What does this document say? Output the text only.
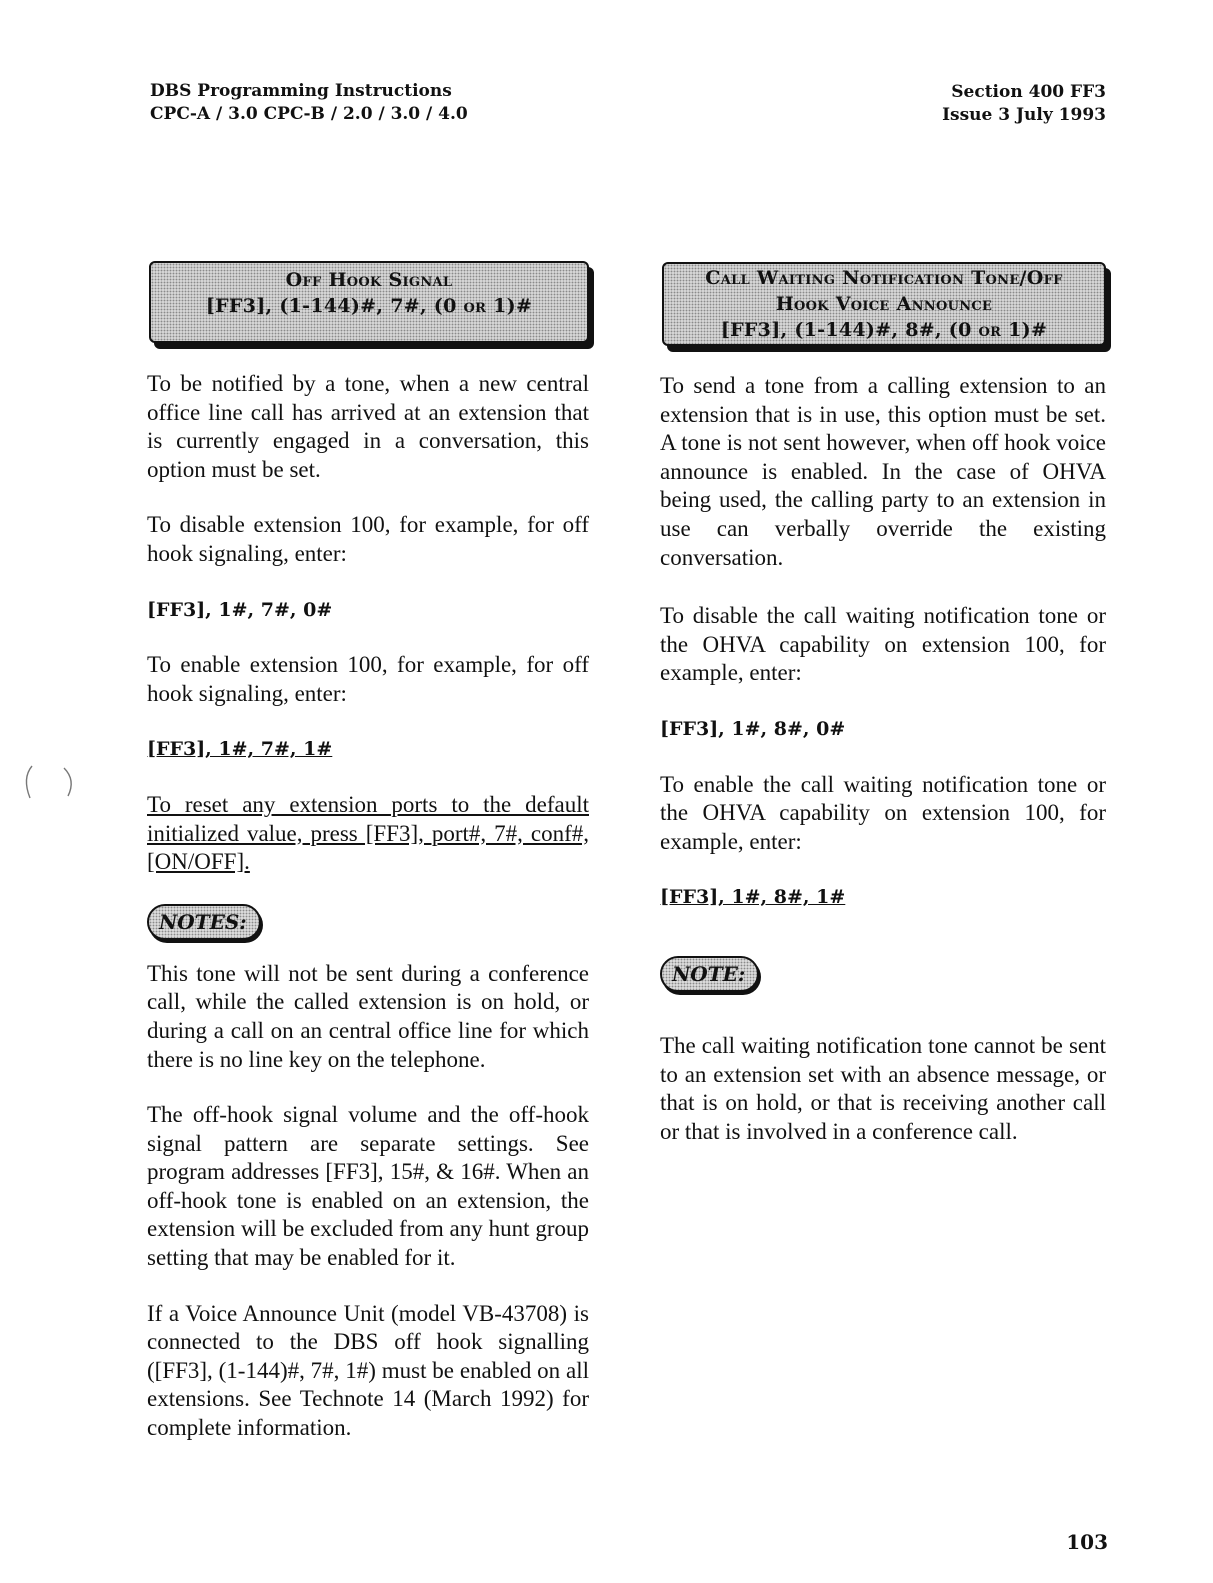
DBS Programming Instructions
CPC-A / 3.0 CPC-B / 2.0 / 3.0 / 4.0
Section 400 FF3
Issue 3 July 1993
Off Hook Signal
[FF3], (1-144)#, 7#, (0 or 1)#
Call Waiting Notification Tone/Off
Hook Voice Announce
[FF3], (1-144)#, 8#, (0 or 1)#

To be notified by a tone, when a new central office line call has arrived at an extension that is currently engaged in a conversation, this option must be set.

To disable extension 100, for example, for off hook signaling, enter:

[FF3], 1#, 7#, 0#

To enable extension 100, for example, for off hook signaling, enter:

[FF3], 1#, 7#, 1#

To reset any extension ports to the default initialized value, press [FF3], port#, 7#, conf#, [ON/OFF].

NOTES:

This tone will not be sent during a conference call, while the called extension is on hold, or during a call on an central office line for which there is no line key on the telephone.

The off-hook signal volume and the off-hook signal pattern are separate settings. See program addresses [FF3], 15#, & 16#. When an off-hook tone is enabled on an extension, the extension will be excluded from any hunt group setting that may be enabled for it.

If a Voice Announce Unit (model VB-43708) is connected to the DBS off hook signalling ([FF3], (1-144)#, 7#, 1#) must be enabled on all extensions. See Technote 14 (March 1992) for complete information.

To send a tone from a calling extension to an extension that is in use, this option must be set. A tone is not sent however, when off hook voice announce is enabled. In the case of OHVA being used, the calling party to an extension in use can verbally override the existing conversation.

To disable the call waiting notification tone or the OHVA capability on extension 100, for example, enter:

[FF3], 1#, 8#, 0#

To enable the call waiting notification tone or the OHVA capability on extension 100, for example, enter:

[FF3], 1#, 8#, 1#

NOTE:

The call waiting notification tone cannot be sent to an extension set with an absence message, or that is on hold, or that is receiving another call or that is involved in a conference call.

103
